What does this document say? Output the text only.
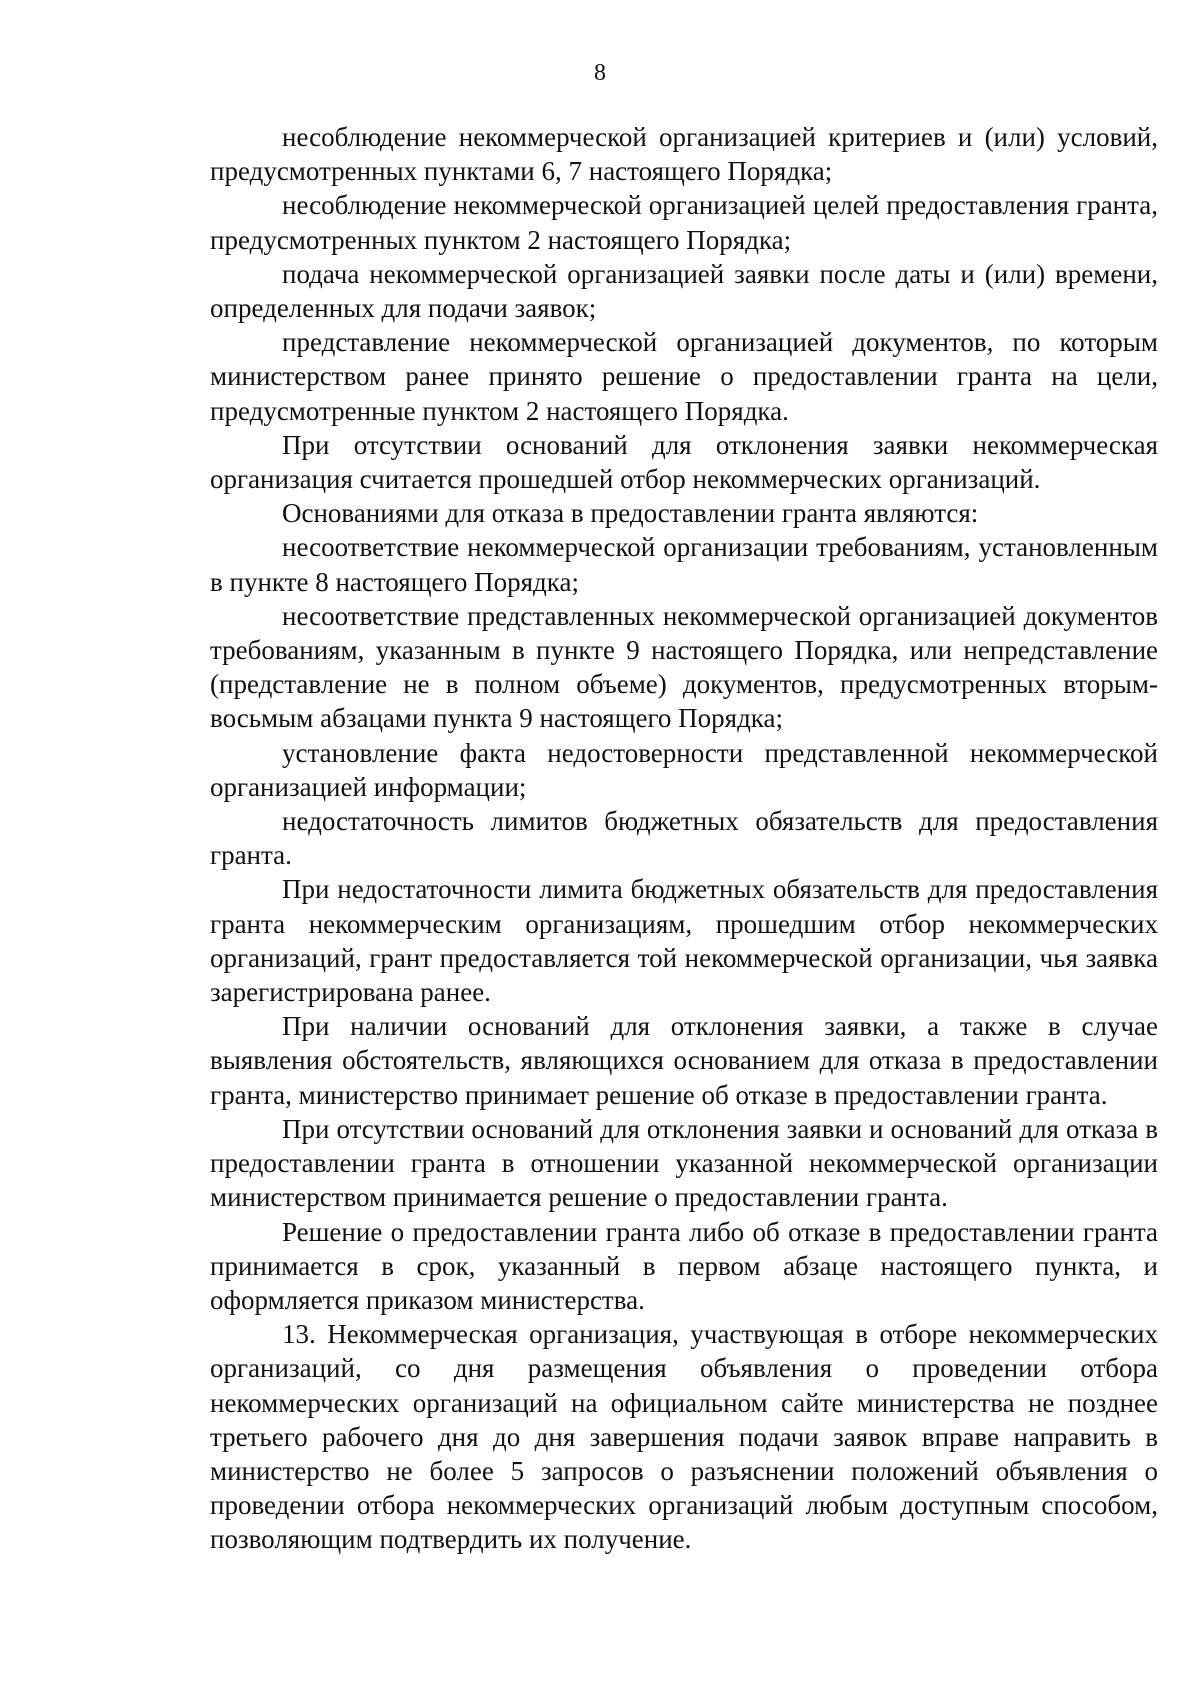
8

несоблюдение некоммерческой организацией критериев и (или) условий, предусмотренных пунктами 6, 7 настоящего Порядка;

несоблюдение некоммерческой организацией целей предоставления гранта, предусмотренных пунктом 2 настоящего Порядка;

подача некоммерческой организацией заявки после даты и (или) времени, определенных для подачи заявок;

представление некоммерческой организацией документов, по которым министерством ранее принято решение о предоставлении гранта на цели, предусмотренные пунктом 2 настоящего Порядка.

При отсутствии оснований для отклонения заявки некоммерческая организация считается прошедшей отбор некоммерческих организаций.

Основаниями для отказа в предоставлении гранта являются:

несоответствие некоммерческой организации требованиям, установленным в пункте 8 настоящего Порядка;

несоответствие представленных некоммерческой организацией документов требованиям, указанным в пункте 9 настоящего Порядка, или непредставление (представление не в полном объеме) документов, предусмотренных вторым-восьмым абзацами пункта 9 настоящего Порядка;

установление факта недостоверности представленной некоммерческой организацией информации;

недостаточность лимитов бюджетных обязательств для предоставления гранта.

При недостаточности лимита бюджетных обязательств для предоставления гранта некоммерческим организациям, прошедшим отбор некоммерческих организаций, грант предоставляется той некоммерческой организации, чья заявка зарегистрирована ранее.

При наличии оснований для отклонения заявки, а также в случае выявления обстоятельств, являющихся основанием для отказа в предоставлении гранта, министерство принимает решение об отказе в предоставлении гранта.

При отсутствии оснований для отклонения заявки и оснований для отказа в предоставлении гранта в отношении указанной некоммерческой организации министерством принимается решение о предоставлении гранта.

Решение о предоставлении гранта либо об отказе в предоставлении гранта принимается в срок, указанный в первом абзаце настоящего пункта, и оформляется приказом министерства.

13. Некоммерческая организация, участвующая в отборе некоммерческих организаций, со дня размещения объявления о проведении отбора некоммерческих организаций на официальном сайте министерства не позднее третьего рабочего дня до дня завершения подачи заявок вправе направить в министерство не более 5 запросов о разъяснении положений объявления о проведении отбора некоммерческих организаций любым доступным способом, позволяющим подтвердить их получение.
